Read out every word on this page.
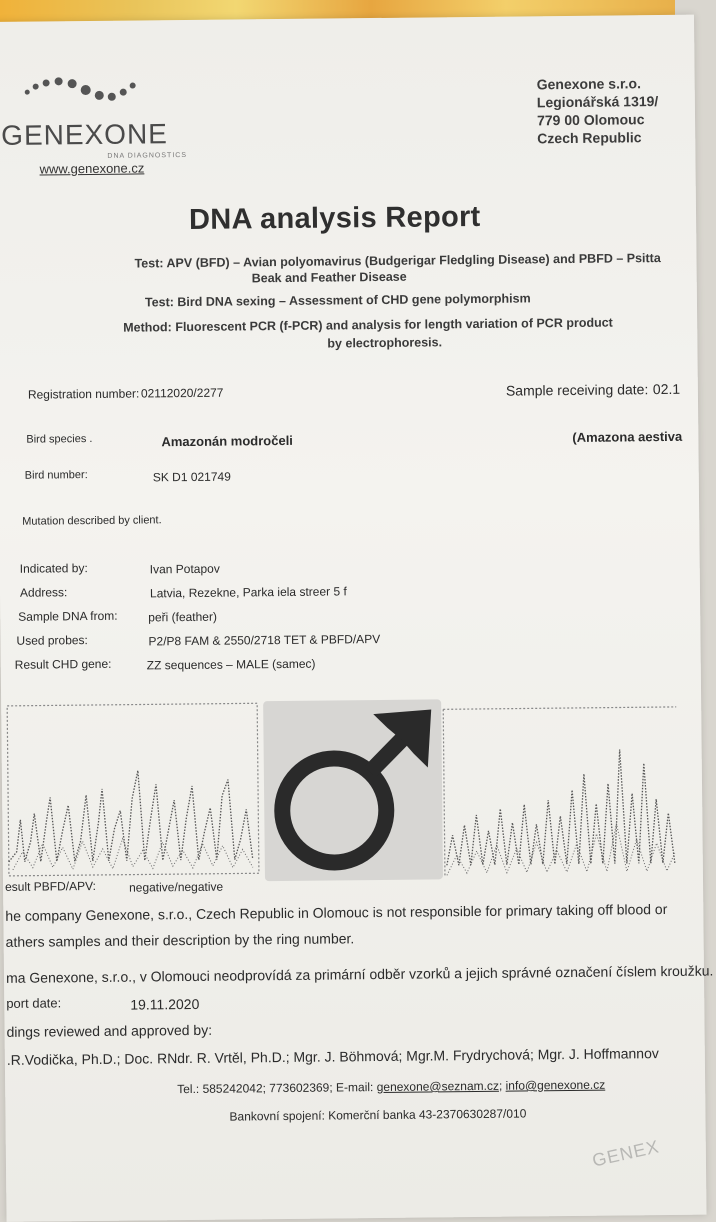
GENEXONE
DNA DIAGNOSTICS
www.genexone.cz
Genexone s.r.o.
Legionářská 1319/
779 00 Olomouc
Czech Republic
DNA analysis Report
Test: APV (BFD) – Avian polyomavirus (Budgerigar Fledgling Disease) and PBFD – Psitta
Beak and Feather Disease
Test: Bird DNA sexing – Assessment of CHD gene polymorphism
Method: Fluorescent PCR (f-PCR) and analysis for length variation of PCR product
by electrophoresis.
Registration number: 02112020/2277	Sample receiving date: 02.1
Bird species .	Amazonán modročeli	(Amazona aestiva
Bird number:	SK D1 021749
Mutation described by client.
Indicated by:	Ivan Potapov
Address:	Latvia, Rezekne, Parka iela streer 5 f
Sample DNA from:	peři (feather)
Used probes:	P2/P8 FAM & 2550/2718 TET & PBFD/APV
Result CHD gene:	ZZ sequences – MALE (samec)
esult PBFD/APV:	negative/negative
he company Genexone, s.r.o., Czech Republic in Olomouc is not responsible for primary taking off blood or
athers samples and their description by the ring number.
ma Genexone, s.r.o., v Olomouci neodprovídá za primární odběr vzorků a jejich správné označení číslem kroužku.
port date:	19.11.2020
dings reviewed and approved by:
.R.Vodička, Ph.D.; Doc. RNdr. R. Vrtěl, Ph.D.; Mgr. J. Böhmová; Mgr.M. Frydrychová; Mgr. J. Hoffmannov
Tel.: 585242042; 773602369; E-mail: genexone@seznam.cz; info@genexone.cz
Bankovní spojení: Komerční banka 43-2370630287/010
GENEX
